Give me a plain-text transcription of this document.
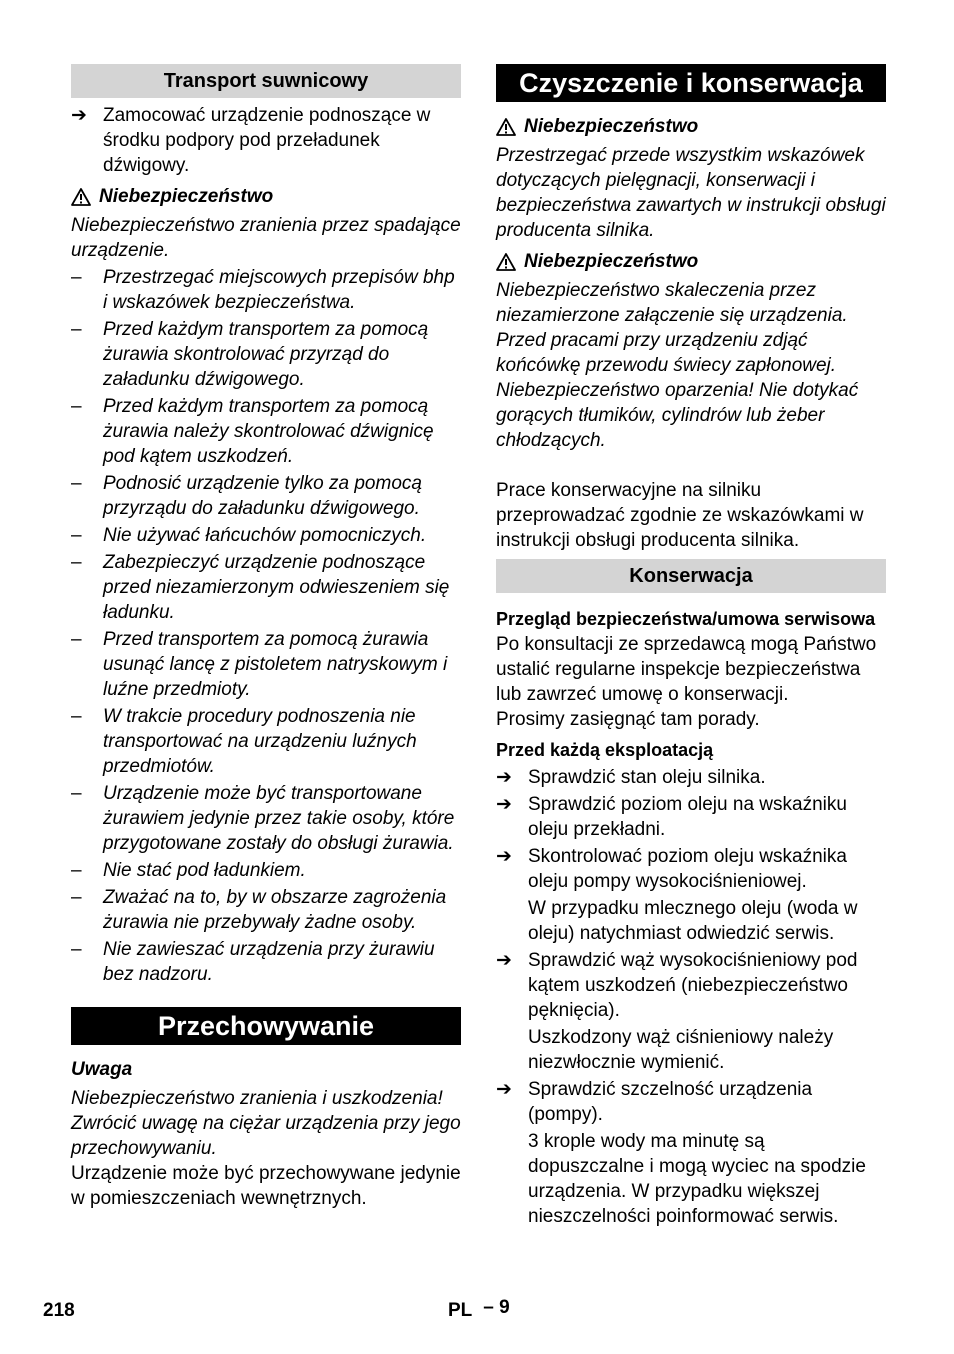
Transport suwnicowy
➔ Zamocować urządzenie podnoszące w środku podpory pod przeładunek dźwigowy.
Niebezpieczeństwo

Niebezpieczeństwo zranienia przez spadające urządzenie.

– Przestrzegać miejscowych przepisów bhp i wskazówek bezpieczeństwa.
– Przed każdym transportem za pomocą żurawia skontrolować przyrząd do załadunku dźwigowego.
– Przed każdym transportem za pomocą żurawia należy skontrolować dźwignicę pod kątem uszkodzeń.
– Podnosić urządzenie tylko za pomocą przyrządu do załadunku dźwigowego.
– Nie używać łańcuchów pomocniczych.
– Zabezpieczyć urządzenie podnoszące przed niezamierzonym odwieszeniem się ładunku.
– Przed transportem za pomocą żurawia usunąć lancę z pistoletem natryskowym i luźne przedmioty.
– W trakcie procedury podnoszenia nie transportować na urządzeniu luźnych przedmiotów.
– Urządzenie może być transportowane żurawiem jedynie przez takie osoby, które przygotowane zostały do obsługi żurawia.
– Nie stać pod ładunkiem.
– Zważać na to, by w obszarze zagrożenia żurawia nie przebywały żadne osoby.
– Nie zawieszać urządzenia przy żurawiu bez nadzoru.
Przechowywanie

Uwaga

Niebezpieczeństwo zranienia i uszkodzenia! Zwrócić uwagę na ciężar urządzenia przy jego przechowywaniu.

Urządzenie może być przechowywane jedynie w pomieszczeniach wewnętrznych.

Czyszczenie i konserwacja
Niebezpieczeństwo

Przestrzegać przede wszystkim wskazówek dotyczących pielęgnacji, konserwacji i bezpieczeństwa zawartych w instrukcji obsługi producenta silnika.

Niebezpieczeństwo

Niebezpieczeństwo skaleczenia przez niezamierzone załączenie się urządzenia. Przed pracami przy urządzeniu zdjąć końcówkę przewodu świecy zapłonowej.

Niebezpieczeństwo oparzenia! Nie dotykać gorących tłumików, cylindrów lub żeber chłodzących.

Prace konserwacyjne na silniku przeprowadzać zgodnie ze wskazówkami w instrukcji obsługi producenta silnika.

Konserwacja

Przegląd bezpieczeństwa/umowa serwisowa

Po konsultacji ze sprzedawcą mogą Państwo ustalić regularne inspekcje bezpieczeństwa lub zawrzeć umowę o konserwacji.

Prosimy zasięgnąć tam porady.

Przed każdą eksploatacją

➔ Sprawdzić stan oleju silnika.
➔ Sprawdzić poziom oleju na wskaźniku oleju przekładni.
➔ Skontrolować poziom oleju wskaźnika oleju pompy wysokociśnieniowej.

W przypadku mlecznego oleju (woda w oleju) natychmiast odwiedzić serwis.

➔ Sprawdzić wąż wysokociśnieniowy pod kątem uszkodzeń (niebezpieczeństwo pęknięcia).

Uszkodzony wąż ciśnieniowy należy niezwłocznie wymienić.

➔ Sprawdzić szczelność urządzenia (pompy).

3 krople wody ma minutę są dopuszczalne i mogą wyciec na spodzie urządzenia. W przypadku większej nieszczelności poinformować serwis.

218	PL – 9
